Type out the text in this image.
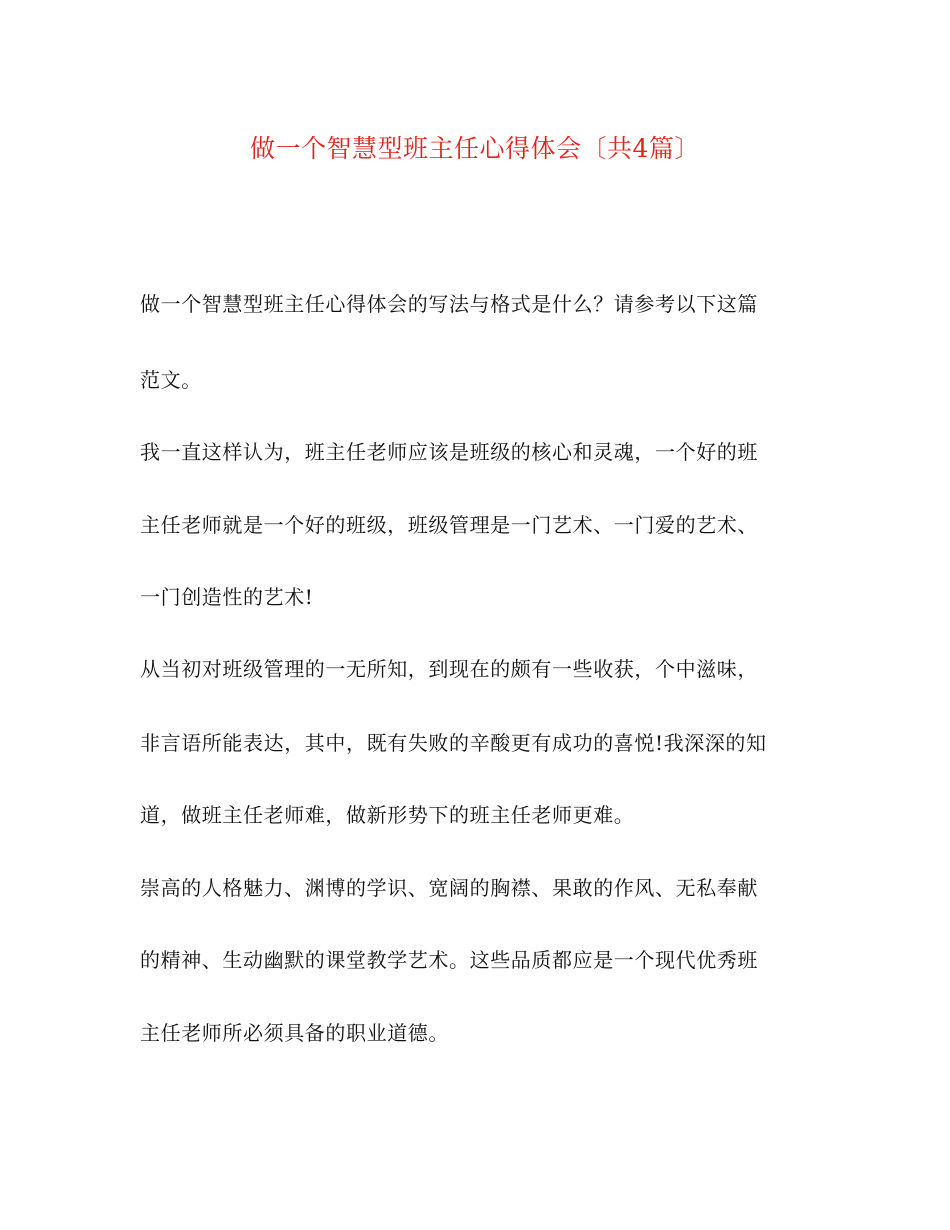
做一个智慧型班主任心得体会〔共4篇〕
做一个智慧型班主任心得体会的写法与格式是什么？请参考以下这篇
范文。
我一直这样认为，班主任老师应该是班级的核心和灵魂，一个好的班
主任老师就是一个好的班级，班级管理是一门艺术、一门爱的艺术、
一门创造性的艺术!
从当初对班级管理的一无所知，到现在的颇有一些收获，个中滋味，
非言语所能表达，其中，既有失败的辛酸更有成功的喜悦!我深深的知
道，做班主任老师难，做新形势下的班主任老师更难。
崇高的人格魅力、渊博的学识、宽阔的胸襟、果敢的作风、无私奉献
的精神、生动幽默的课堂教学艺术。这些品质都应是一个现代优秀班
主任老师所必须具备的职业道德。
